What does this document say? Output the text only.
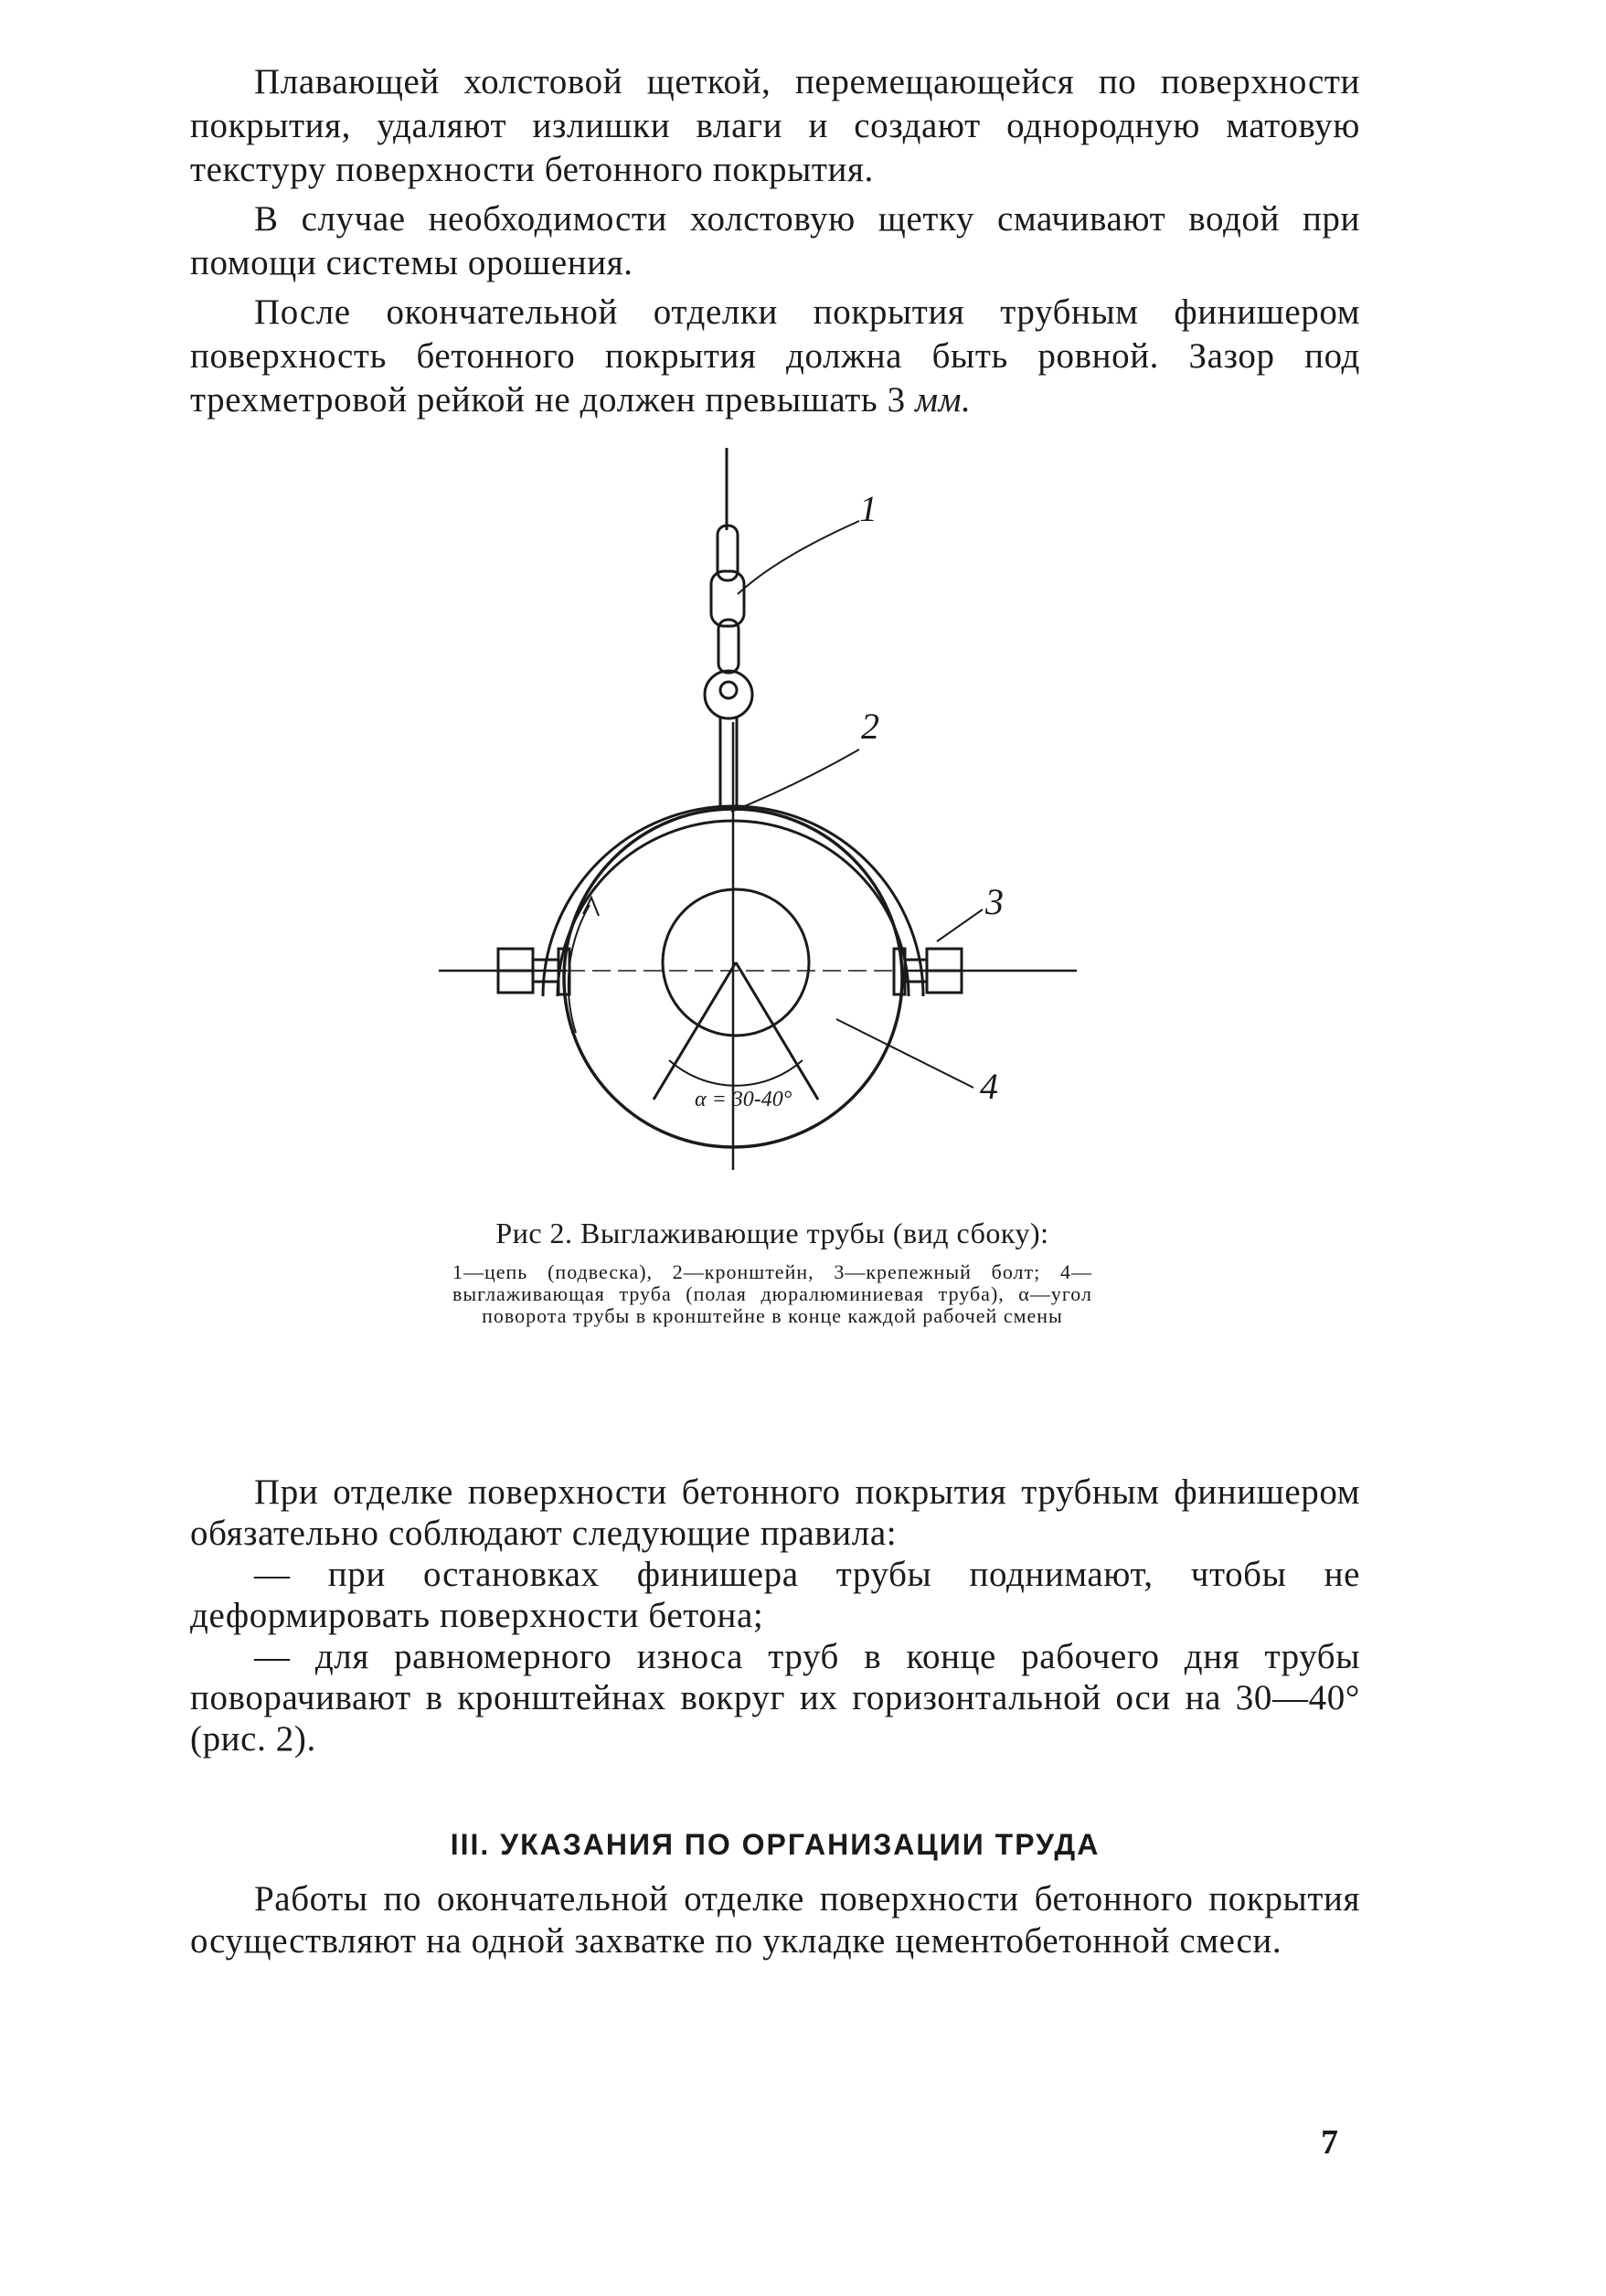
Плавающей холстовой щеткой, перемещающейся по поверхности покрытия, удаляют излишки влаги и создают однородную матовую текстуру поверхности бетонного покрытия.

В случае необходимости холстовую щетку смачивают водой при помощи системы орошения.

После окончательной отделки покрытия трубным финишером поверхность бетонного покрытия должна быть ровной. Зазор под трехметровой рейкой не должен превышать 3 мм.

1
2
3
4
α = 30-40°

Рис 2. Выглаживающие трубы (вид сбоку):

1—цепь (подвеска), 2—кронштейн, 3—крепежный болт; 4—выглаживающая труба (полая дюралюминиевая труба), α—угол поворота трубы в кронштейне в конце каждой рабочей смены

При отделке поверхности бетонного покрытия трубным финишером обязательно соблюдают следующие правила:

— при остановках финишера трубы поднимают, чтобы не деформировать поверхности бетона;

— для равномерного износа труб в конце рабочего дня трубы поворачивают в кронштейнах вокруг их горизонтальной оси на 30—40° (рис. 2).

III. УКАЗАНИЯ ПО ОРГАНИЗАЦИИ ТРУДА

Работы по окончательной отделке поверхности бетонного покрытия осуществляют на одной захватке по укладке цементобетонной смеси.

7
